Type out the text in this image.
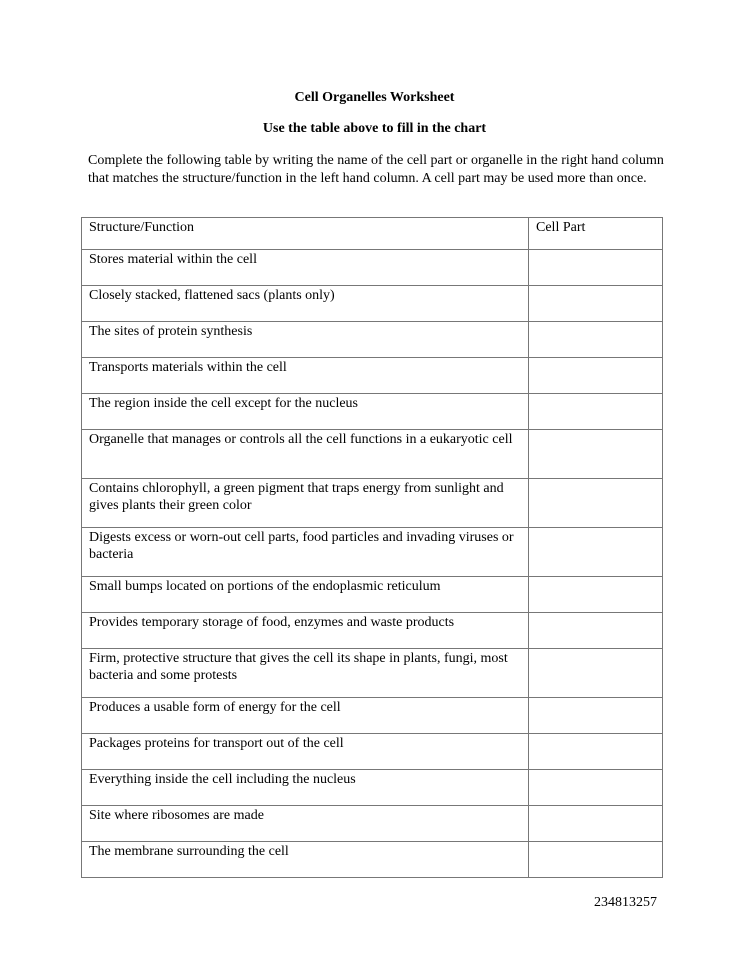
Cell Organelles Worksheet
Use the table above to fill in the chart
Complete the following table by writing the name of the cell part or organelle in the right hand column that matches the structure/function in the left hand column. A cell part may be used more than once.
Structure/Function	Cell Part
Stores material within the cell	
Closely stacked, flattened sacs (plants only)	
The sites of protein synthesis	
Transports materials within the cell	
The region inside the cell except for the nucleus	
Organelle that manages or controls all the cell functions in a eukaryotic cell	
Contains chlorophyll, a green pigment that traps energy from sunlight and gives plants their green color	
Digests excess or worn-out cell parts, food particles and invading viruses or bacteria	
Small bumps located on portions of the endoplasmic reticulum	
Provides temporary storage of food, enzymes and waste products	
Firm, protective structure that gives the cell its shape in plants, fungi, most bacteria and some protests	
Produces a usable form of energy for the cell	
Packages proteins for transport out of the cell	
Everything inside the cell including the nucleus	
Site where ribosomes are made	
The membrane surrounding the cell	
234813257
